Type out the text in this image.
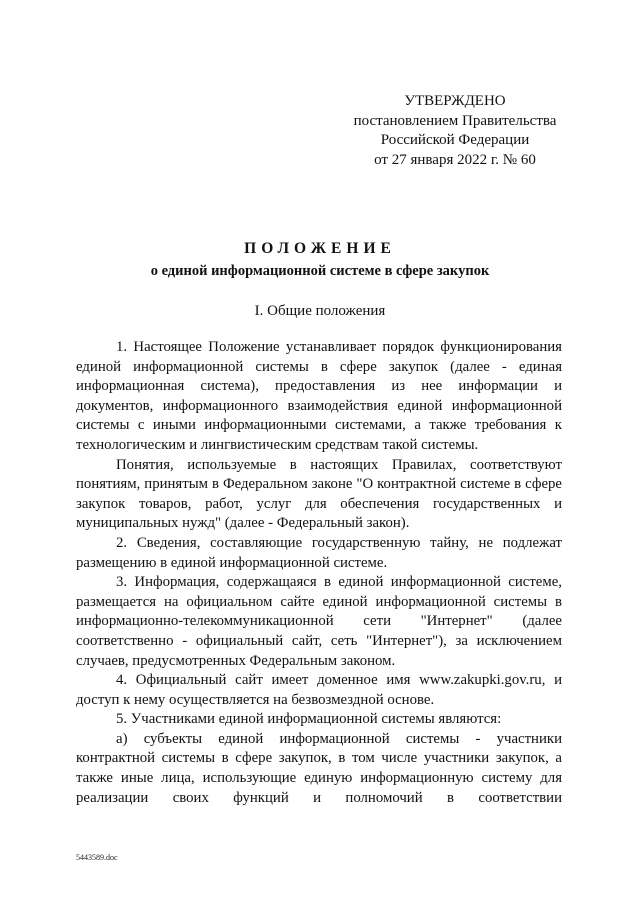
УТВЕРЖДЕНО
постановлением Правительства
Российской Федерации
от 27 января 2022 г. № 60
ПОЛОЖЕНИЕ
о единой информационной системе в сфере закупок
I. Общие положения

1. Настоящее Положение устанавливает порядок функционирования единой информационной системы в сфере закупок (далее - единая информационная система), предоставления из нее информации и документов, информационного взаимодействия единой информационной системы с иными информационными системами, а также требования к технологическим и лингвистическим средствам такой системы.

Понятия, используемые в настоящих Правилах, соответствуют понятиям, принятым в Федеральном законе "О контрактной системе в сфере закупок товаров, работ, услуг для обеспечения государственных и муниципальных нужд" (далее - Федеральный закон).

2. Сведения, составляющие государственную тайну, не подлежат размещению в единой информационной системе.

3. Информация, содержащаяся в единой информационной системе, размещается на официальном сайте единой информационной системы в информационно-телекоммуникационной сети "Интернет" (далее соответственно - официальный сайт, сеть "Интернет"), за исключением случаев, предусмотренных Федеральным законом.

4. Официальный сайт имеет доменное имя www.zakupki.gov.ru, и доступ к нему осуществляется на безвозмездной основе.

5. Участниками единой информационной системы являются:

а) субъекты единой информационной системы - участники контрактной системы в сфере закупок, в том числе участники закупок, а также иные лица, использующие единую информационную систему для реализации своих функций и полномочий в соответствии

5443589.doc
